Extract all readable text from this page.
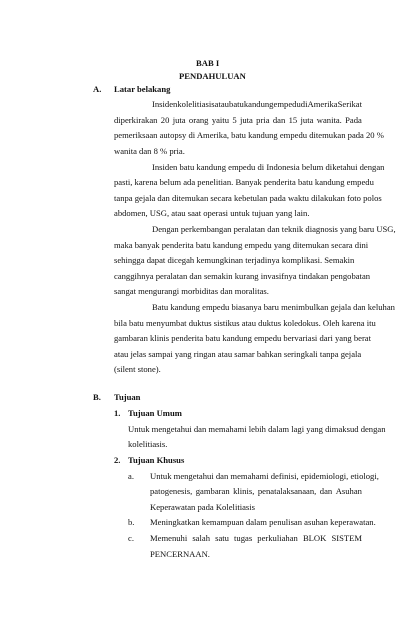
BAB I
PENDAHULUAN
A. Latar belakang
Insiden kolelitiasis atau batu kandung empedu di Amerika Serikat
diperkirakan 20 juta orang yaitu 5 juta pria dan 15 juta wanita. Pada
pemeriksaan autopsy di Amerika, batu kandung empedu ditemukan pada 20 %
wanita dan 8 % pria.
Insiden batu kandung empedu di Indonesia belum diketahui dengan
pasti, karena belum ada penelitian. Banyak penderita batu kandung empedu
tanpa gejala dan ditemukan secara kebetulan pada waktu dilakukan foto polos
abdomen, USG, atau saat operasi untuk tujuan yang lain.
Dengan perkembangan peralatan dan teknik diagnosis yang baru USG,
maka banyak penderita batu kandung empedu yang ditemukan secara dini
sehingga dapat dicegah kemungkinan terjadinya komplikasi. Semakin
canggihnya peralatan dan semakin kurang invasifnya tindakan pengobatan
sangat mengurangi morbiditas dan moralitas.
Batu kandung empedu biasanya baru menimbulkan gejala dan keluhan
bila batu menyumbat duktus sistikus atau duktus koledokus. Oleh karena itu
gambaran klinis penderita batu kandung empedu bervariasi dari yang berat
atau jelas sampai yang ringan atau samar bahkan seringkali tanpa gejala
(silent stone).
B. Tujuan
1. Tujuan Umum
Untuk mengetahui dan memahami lebih dalam lagi yang dimaksud dengan
kolelitiasis.
2. Tujuan Khusus
a. Untuk mengetahui dan memahami definisi, epidemiologi, etiologi,
patogenesis, gambaran klinis, penatalaksanaan, dan Asuhan
Keperawatan pada Kolelitiasis
b. Meningkatkan kemampuan dalam penulisan asuhan keperawatan.
c. Memenuhi salah satu tugas perkuliahan BLOK SISTEM
PENCERNAAN.
